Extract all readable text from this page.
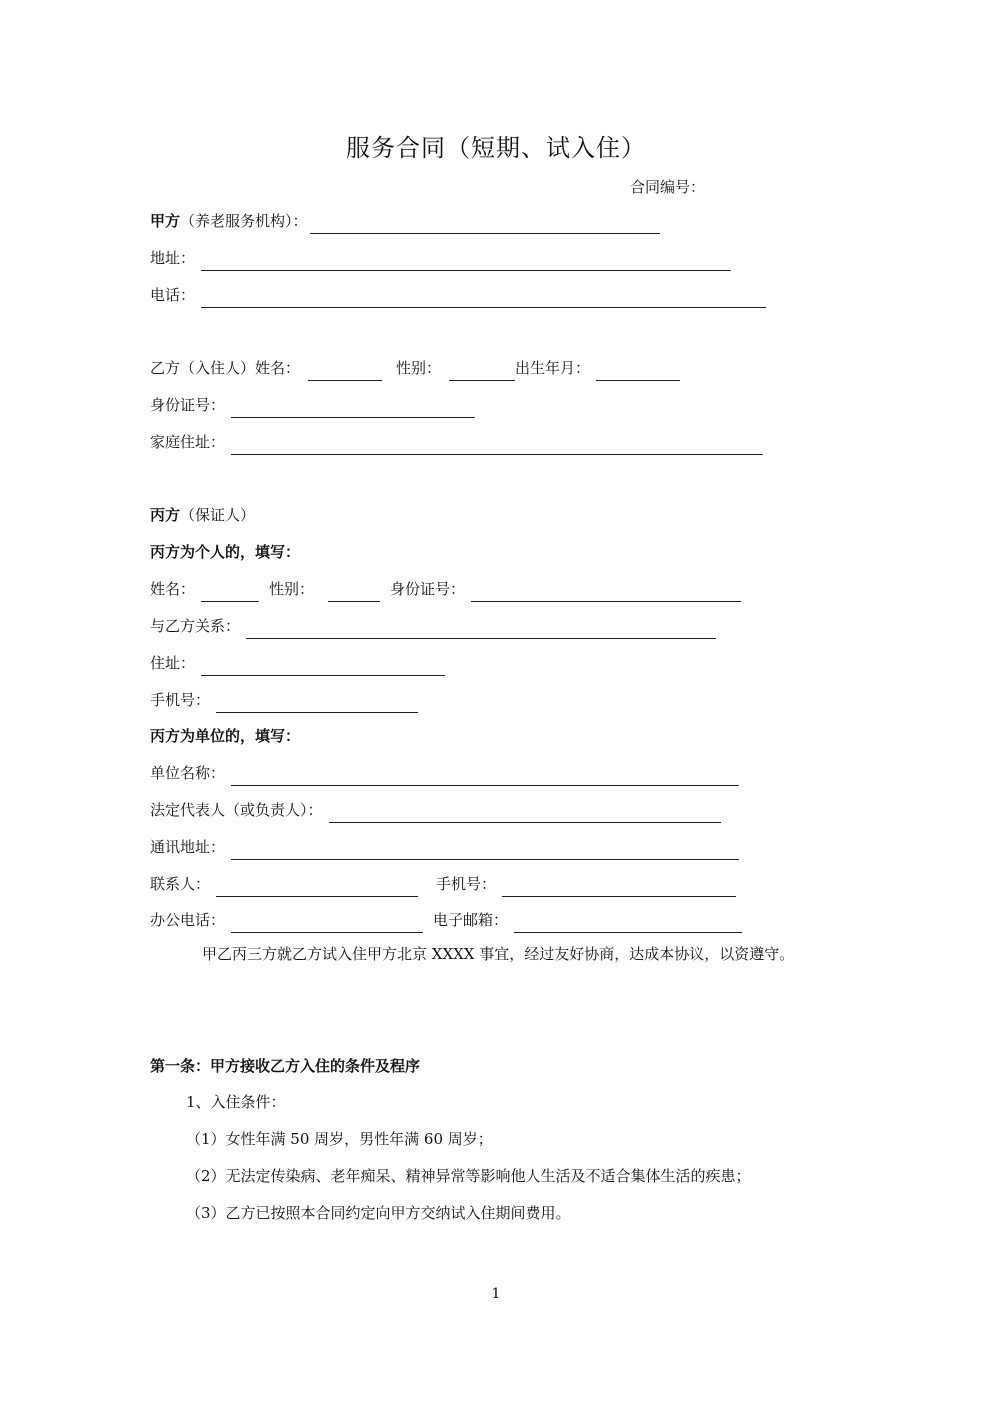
服务合同（短期、试入住）
合同编号：
甲方（养老服务机构）：
地址：
电话：
乙方（入住人）姓名：	性别：	出生年月：
身份证号：
家庭住址：
丙方（保证人）
丙方为个人的，填写：
姓名：	性别：	身份证号：
与乙方关系：
住址：
手机号：
丙方为单位的，填写：
单位名称：
法定代表人（或负责人）：
通讯地址：
联系人：	手机号：
办公电话：	电子邮箱：
甲乙丙三方就乙方试入住甲方北京 XXXX 事宜，经过友好协商，达成本协议，以资遵守。
第一条：甲方接收乙方入住的条件及程序
1、入住条件：
（1）女性年满 50 周岁，男性年满 60 周岁；
（2）无法定传染病、老年痴呆、精神异常等影响他人生活及不适合集体生活的疾患；
（3）乙方已按照本合同约定向甲方交纳试入住期间费用。
1
